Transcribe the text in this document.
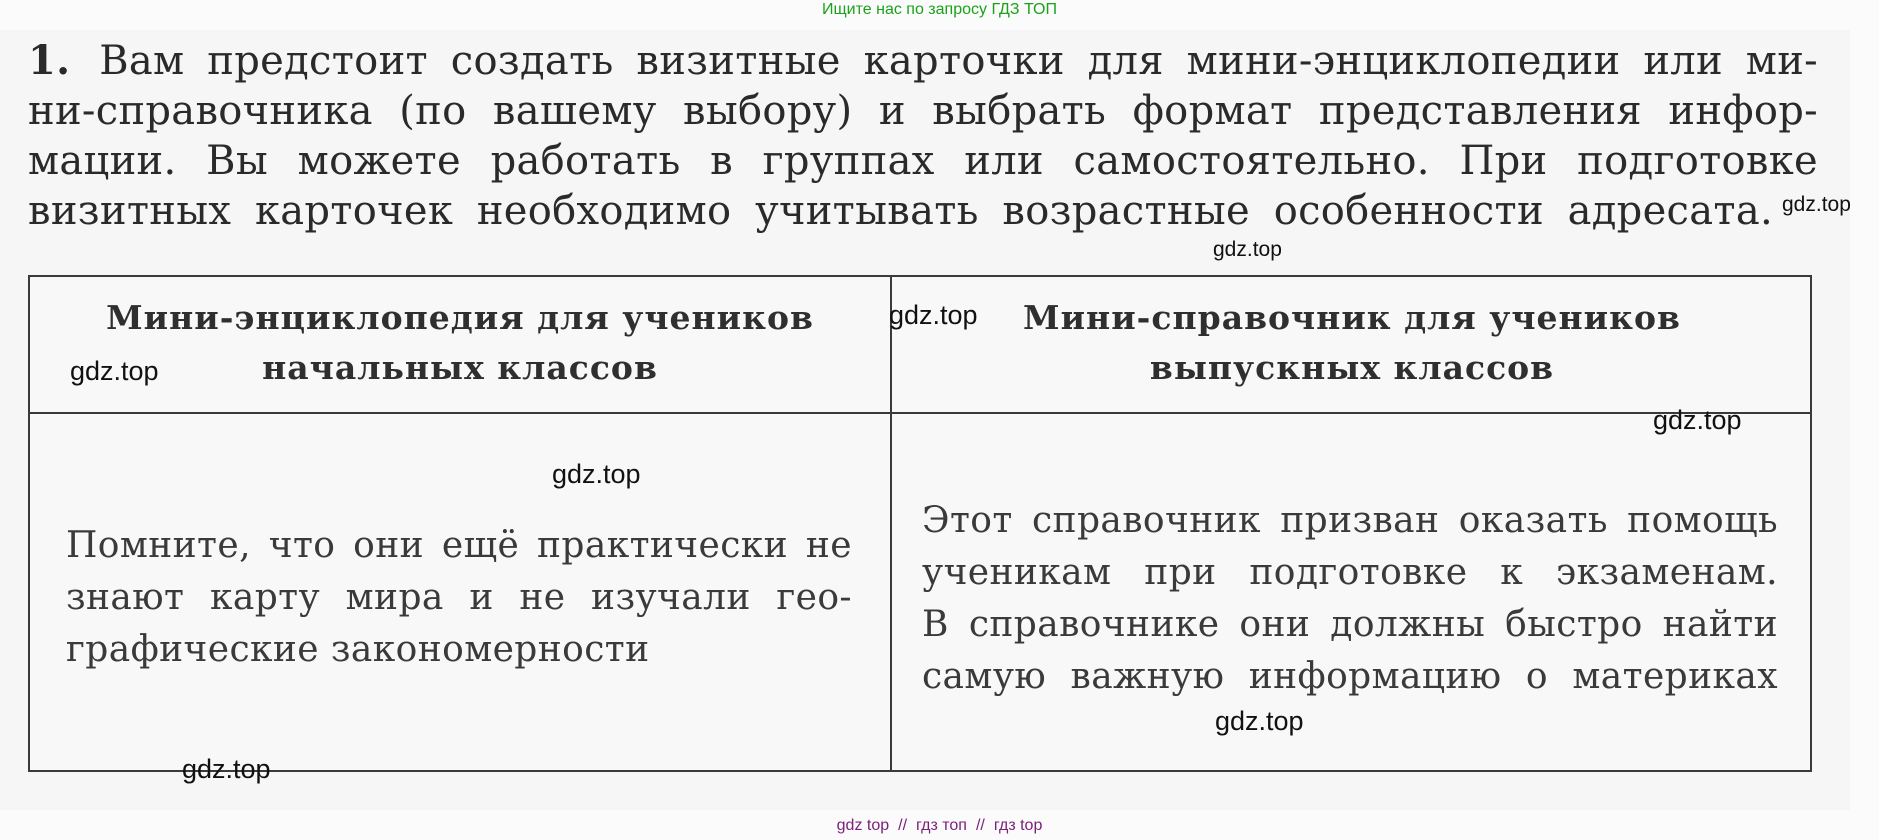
Ищите нас по запросу ГДЗ ТОП
1. Вам предстоит создать визитные карточки для мини-энциклопедии или ми-
ни-справочника (по вашему выбору) и выбрать формат представления инфор-
мации. Вы можете работать в группах или самостоятельно. При подготовке
визитных карточек необходимо учитывать возрастные особенности адресата.
Мини-энциклопедия для учеников
начальных классов
Мини-справочник для учеников
выпускных классов
Помните, что они ещё практически не
знают карту мира и не изучали гео-
графические закономерности
Этот справочник призван оказать помощь
ученикам при подготовке к экзаменам.
В справочнике они должны быстро найти
самую важную информацию о материках
gdz.top
gdz.top
gdz.top
gdz.top
gdz.top
gdz.top
gdz.top
gdz.top
gdz top // гдз топ // гдз top
